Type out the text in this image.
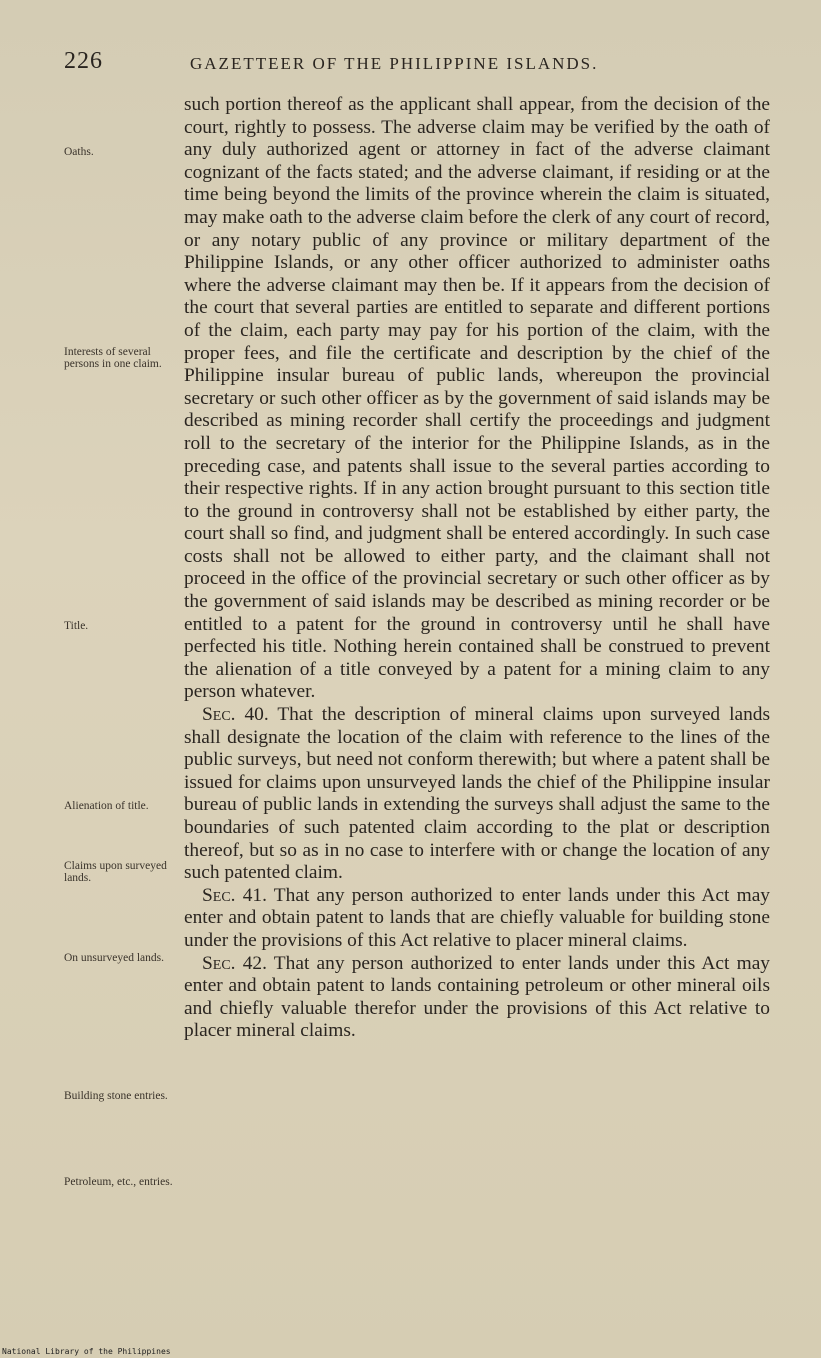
226	GAZETTEER OF THE PHILIPPINE ISLANDS.
Oaths.
Interests of several persons in one claim.
Title.
Alienation of title.
Claims upon surveyed lands.
On unsurveyed lands.
Building stone entries.
Petroleum, etc., entries.

such portion thereof as the applicant shall appear, from the decision of the court, rightly to possess. The adverse claim may be verified by the oath of any duly authorized agent or attorney in fact of the adverse claimant cognizant of the facts stated; and the adverse claimant, if residing or at the time being beyond the limits of the province wherein the claim is situated, may make oath to the adverse claim before the clerk of any court of record, or any notary public of any province or military department of the Philippine Islands, or any other officer authorized to administer oaths where the adverse claimant may then be. If it appears from the decision of the court that several parties are entitled to separate and different portions of the claim, each party may pay for his portion of the claim, with the proper fees, and file the certificate and description by the chief of the Philippine insular bureau of public lands, whereupon the provincial secretary or such other officer as by the government of said islands may be described as mining recorder shall certify the proceedings and judgment roll to the secretary of the interior for the Philippine Islands, as in the preceding case, and patents shall issue to the several parties according to their respective rights. If in any action brought pursuant to this section title to the ground in controversy shall not be established by either party, the court shall so find, and judgment shall be entered accordingly. In such case costs shall not be allowed to either party, and the claimant shall not proceed in the office of the provincial secretary or such other officer as by the government of said islands may be described as mining recorder or be entitled to a patent for the ground in controversy until he shall have perfected his title. Nothing herein contained shall be construed to prevent the alienation of a title conveyed by a patent for a mining claim to any person whatever.

Sec. 40. That the description of mineral claims upon surveyed lands shall designate the location of the claim with reference to the lines of the public surveys, but need not conform therewith; but where a patent shall be issued for claims upon unsurveyed lands the chief of the Philippine insular bureau of public lands in extending the surveys shall adjust the same to the boundaries of such patented claim according to the plat or description thereof, but so as in no case to interfere with or change the location of any such patented claim.

Sec. 41. That any person authorized to enter lands under this Act may enter and obtain patent to lands that are chiefly valuable for building stone under the provisions of this Act relative to placer mineral claims.

Sec. 42. That any person authorized to enter lands under this Act may enter and obtain patent to lands containing petroleum or other mineral oils and chiefly valuable therefor under the provisions of this Act relative to placer mineral claims.

National Library of the Philippines
